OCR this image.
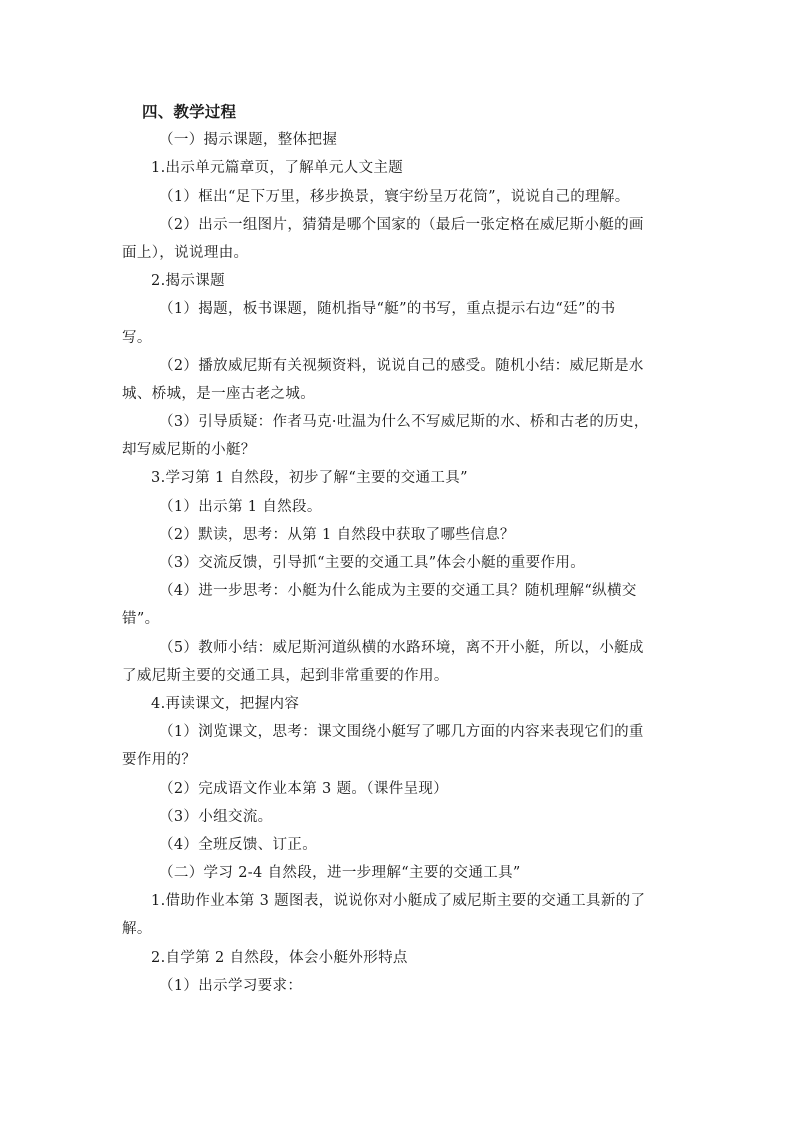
四、教学过程
（一）揭示课题，整体把握
1.出示单元篇章页，了解单元人文主题
（1）框出“足下万里，移步换景，寰宇纷呈万花筒”，说说自己的理解。
（2）出示一组图片，猜猜是哪个国家的（最后一张定格在威尼斯小艇的画
面上），说说理由。
2.揭示课题
（1）揭题，板书课题，随机指导“艇”的书写，重点提示右边“廷”的书
写。
（2）播放威尼斯有关视频资料，说说自己的感受。随机小结：威尼斯是水
城、桥城，是一座古老之城。
（3）引导质疑：作者马克·吐温为什么不写威尼斯的水、桥和古老的历史，
却写威尼斯的小艇？
3.学习第 1 自然段，初步了解“主要的交通工具”
（1）出示第 1 自然段。
（2）默读，思考：从第 1 自然段中获取了哪些信息？
（3）交流反馈，引导抓“主要的交通工具”体会小艇的重要作用。
（4）进一步思考：小艇为什么能成为主要的交通工具？随机理解“纵横交
错”。
（5）教师小结：威尼斯河道纵横的水路环境，离不开小艇，所以，小艇成
了威尼斯主要的交通工具，起到非常重要的作用。
4.再读课文，把握内容
（1）浏览课文，思考：课文围绕小艇写了哪几方面的内容来表现它们的重
要作用的？
（2）完成语文作业本第 3 题。（课件呈现）
（3）小组交流。
（4）全班反馈、订正。
（二）学习 2-4 自然段，进一步理解“主要的交通工具”
1.借助作业本第 3 题图表，说说你对小艇成了威尼斯主要的交通工具新的了
解。
2.自学第 2 自然段，体会小艇外形特点
（1）出示学习要求：
